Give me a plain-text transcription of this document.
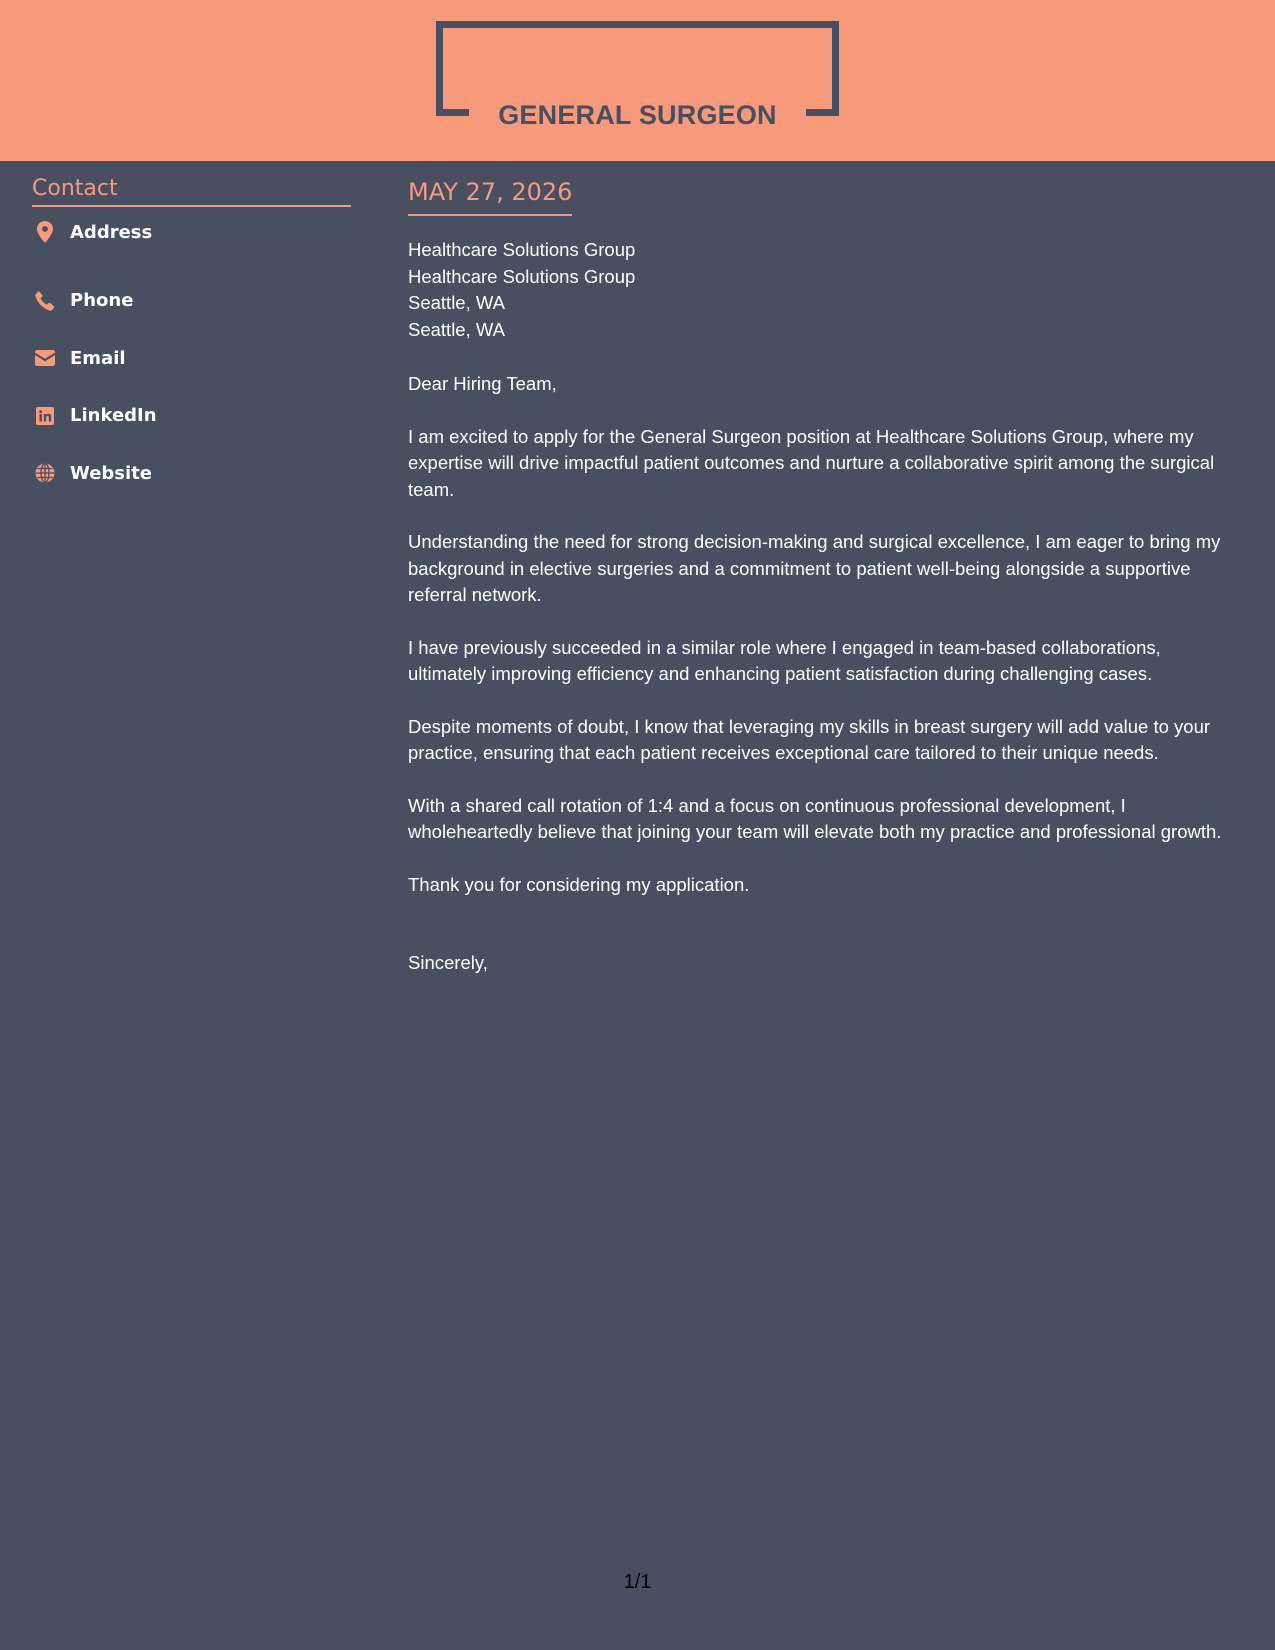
GENERAL SURGEON
Contact
Address
Phone
Email
LinkedIn
Website
MAY 27, 2026
Healthcare Solutions Group
Healthcare Solutions Group
Seattle, WA
Seattle, WA

Dear Hiring Team,

I am excited to apply for the General Surgeon position at Healthcare Solutions Group, where my expertise will drive impactful patient outcomes and nurture a collaborative spirit among the surgical team.

Understanding the need for strong decision-making and surgical excellence, I am eager to bring my background in elective surgeries and a commitment to patient well-being alongside a supportive referral network.

I have previously succeeded in a similar role where I engaged in team-based collaborations, ultimately improving efficiency and enhancing patient satisfaction during challenging cases.

Despite moments of doubt, I know that leveraging my skills in breast surgery will add value to your practice, ensuring that each patient receives exceptional care tailored to their unique needs.

With a shared call rotation of 1:4 and a focus on continuous professional development, I wholeheartedly believe that joining your team will elevate both my practice and professional growth.

Thank you for considering my application.

Sincerely,

1/1
